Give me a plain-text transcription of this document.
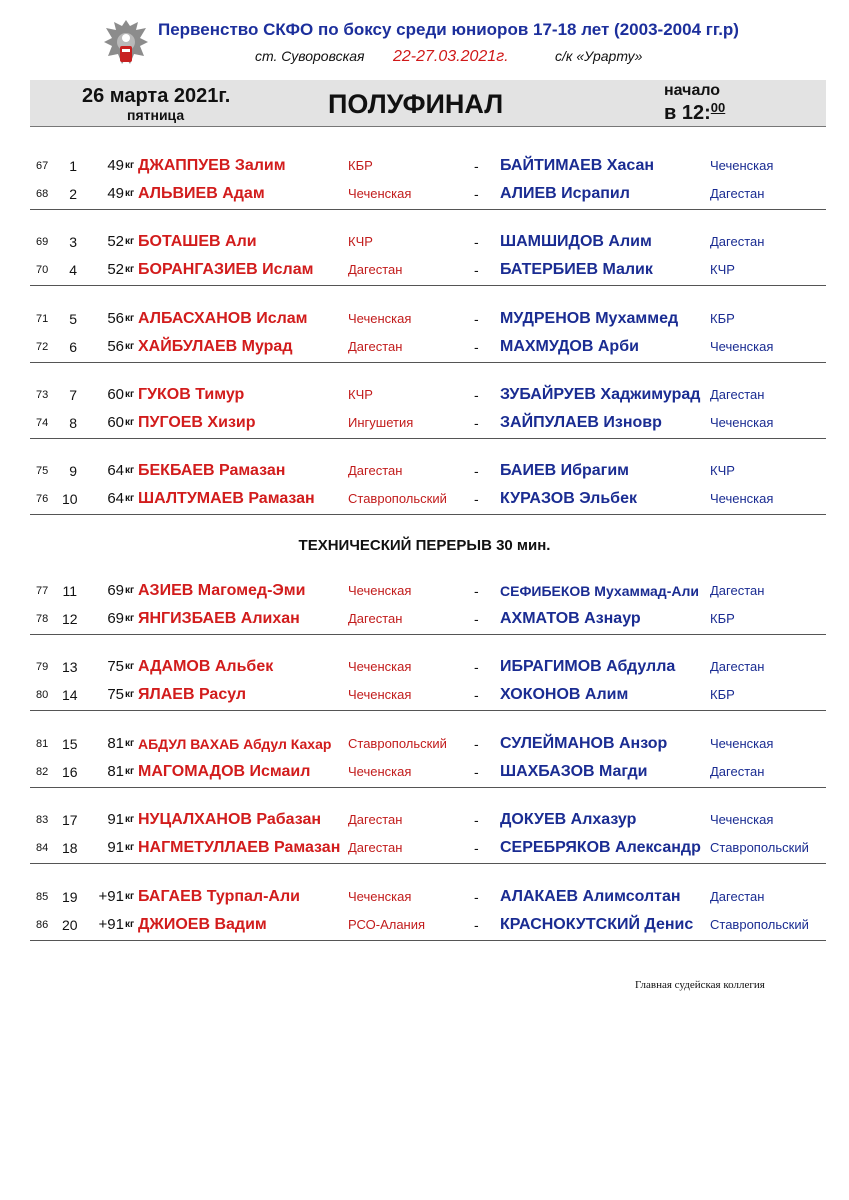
Первенство СКФО по боксу среди юниоров 17-18 лет (2003-2004 гг.р)
ст. Суворовская 22-27.03.2021г.	с/к «Урарту»
26 марта 2021г.
пятница	ПОЛУФИНАЛ	начало
в 12:$^{00}$
67	1	49 кг ДЖАППУЕВ Залим	КБР	- БАЙТИМАЕВ Хасан	Чеченская
68	2	49 кг АЛЬВИЕВ Адам	Чеченская	- АЛИЕВ Исрапил	Дагестан
69	3	52 кг БОТАШЕВ Али	КЧР	- ШАМШИДОВ Алим	Дагестан
70	4	52 кг БОРАНГАЗИЕВ Ислам	Дагестан	- БАТЕРБИЕВ Малик	КЧР
71	5	56 кг АЛБАСХАНОВ Ислам	Чеченская	- МУДРЕНОВ Мухаммед КБР
72	6	56 кг ХАЙБУЛАЕВ Мурад	Дагестан	- МАХМУДОВ Арби	Чеченская
73	7	60 кг ГУКОВ Тимур	КЧР	- ЗУБАЙРУЕВ Хаджимурад Дагестан
74	8	60 кг ПУГОЕВ Хизир	Ингушетия	- ЗАЙПУЛАЕВ Изновр	Чеченская
75	9	64 кг БЕКБАЕВ Рамазан	Дагестан	- БАИЕВ Ибрагим	КЧР
76 10	64 кг ШАЛТУМАЕВ Рамазан	Ставропольский - КУРАЗОВ Эльбек	Чеченская
77 11	69 кг АЗИЕВ Магомед-Эми	Чеченская	- СЕФИБЕКОВ Мухаммад-Али Дагестан
78 12	69 кг ЯНГИЗБАЕВ Алихан	Дагестан	- АХМАТОВ Азнаур	КБР
79 13	75 кг АДАМОВ Альбек	Чеченская	- ИБРАГИМОВ Абдулла	Дагестан
80 14	75 кг ЯЛАЕВ Расул	Чеченская	- ХОКОНОВ Алим	КБР
81 15	81 кг АБДУЛ ВАХАБ Абдул Кахар Ставропольский - СУЛЕЙМАНОВ Анзор	Чеченская
82 16	81 кг МАГОМАДОВ Исмаил	Чеченская	- ШАХБАЗОВ Магди	Дагестан
83 17	91 кг НУЦАЛХАНОВ Рабазан Дагестан	- ДОКУЕВ Алхазур	Чеченская
84 18	91 кг НАГМЕТУЛЛАЕВ Рамазан Дагестан	- СЕРЕБРЯКОВ Александр Ставропольский
85 19	+91 кг БАГАЕВ Турпал-Али	Чеченская	- АЛАКАЕВ Алимсолтан Дагестан
86 20	+91 кг ДЖИОЕВ Вадим	РСО-Алания	- КРАСНОКУТСКИЙ Денис Ставропольский
ТЕХНИЧЕСКИЙ ПЕРЕРЫВ 30 мин.
Главная судейская коллегия
